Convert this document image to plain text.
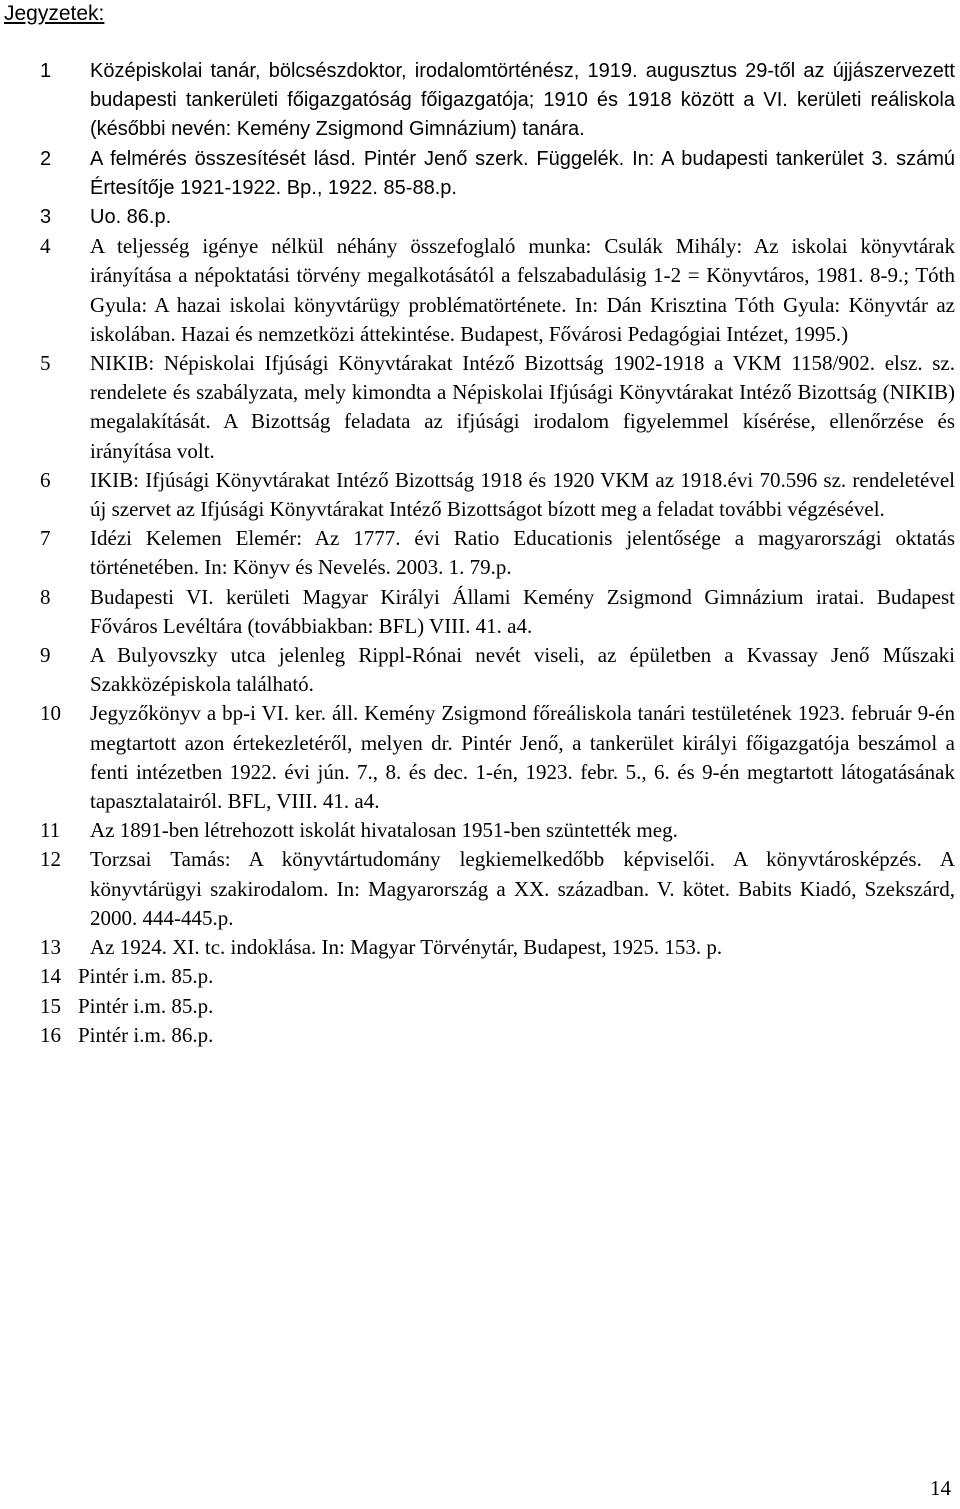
Jegyzetek:
1 Középiskolai tanár, bölcsészdoktor, irodalomtörténész, 1919. augusztus 29-től az újjászervezett budapesti tankerületi főigazgatóság főigazgatója; 1910 és 1918 között a VI. kerületi reáliskola (későbbi nevén: Kemény Zsigmond Gimnázium) tanára.
2 A felmérés összesítését lásd. Pintér Jenő szerk. Függelék. In: A budapesti tankerület 3. számú Értesítője 1921-1922. Bp., 1922. 85-88.p.
3 Uo. 86.p.
4 A teljesség igénye nélkül néhány összefoglaló munka: Csulák Mihály: Az iskolai könyvtárak irányítása a népoktatási törvény megalkotásától a felszabadulásig 1-2 = Könyvtáros, 1981. 8-9.; Tóth Gyula: A hazai iskolai könyvtárügy problématörténete. In: Dán Krisztina Tóth Gyula: Könyvtár az iskolában. Hazai és nemzetközi áttekintése. Budapest, Fővárosi Pedagógiai Intézet, 1995.)
5 NIKIB: Népiskolai Ifjúsági Könyvtárakat Intéző Bizottság 1902-1918 a VKM 1158/902. elsz. sz. rendelete és szabályzata, mely kimondta a Népiskolai Ifjúsági Könyvtárakat Intéző Bizottság (NIKIB) megalakítását. A Bizottság feladata az ifjúsági irodalom figyelemmel kísérése, ellenőrzése és irányítása volt.
6 IKIB: Ifjúsági Könyvtárakat Intéző Bizottság 1918 és 1920 VKM az 1918.évi 70.596 sz. rendeletével új szervet az Ifjúsági Könyvtárakat Intéző Bizottságot bízott meg a feladat további végzésével.
7 Idézi Kelemen Elemér: Az 1777. évi Ratio Educationis jelentősége a magyarországi oktatás történetében. In: Könyv és Nevelés. 2003. 1. 79.p.
8 Budapesti VI. kerületi Magyar Királyi Állami Kemény Zsigmond Gimnázium iratai. Budapest Főváros Levéltára (továbbiakban: BFL) VIII. 41. a4.
9 A Bulyovszky utca jelenleg Rippl-Rónai nevét viseli, az épületben a Kvassay Jenő Műszaki Szakközépiskola található.
10 Jegyzőkönyv a bp-i VI. ker. áll. Kemény Zsigmond főreáliskola tanári testületének 1923. február 9-én megtartott azon értekezletéről, melyen dr. Pintér Jenő, a tankerület királyi főigazgatója beszámol a fenti intézetben 1922. évi jún. 7., 8. és dec. 1-én, 1923. febr. 5., 6. és 9-én megtartott látogatásának tapasztalatairól. BFL, VIII. 41. a4.
11 Az 1891-ben létrehozott iskolát hivatalosan 1951-ben szüntették meg.
12 Torzsai Tamás: A könyvtártudomány legkiemelkedőbb képviselői. A könyvtárosképzés. A könyvtárügyi szakirodalom. In: Magyarország a XX. században. V. kötet. Babits Kiadó, Szekszárd, 2000. 444-445.p.
13 Az 1924. XI. tc. indoklása. In: Magyar Törvénytár, Budapest, 1925. 153. p.
14 Pintér i.m. 85.p.
15 Pintér i.m. 85.p.
16 Pintér i.m. 86.p.
14
